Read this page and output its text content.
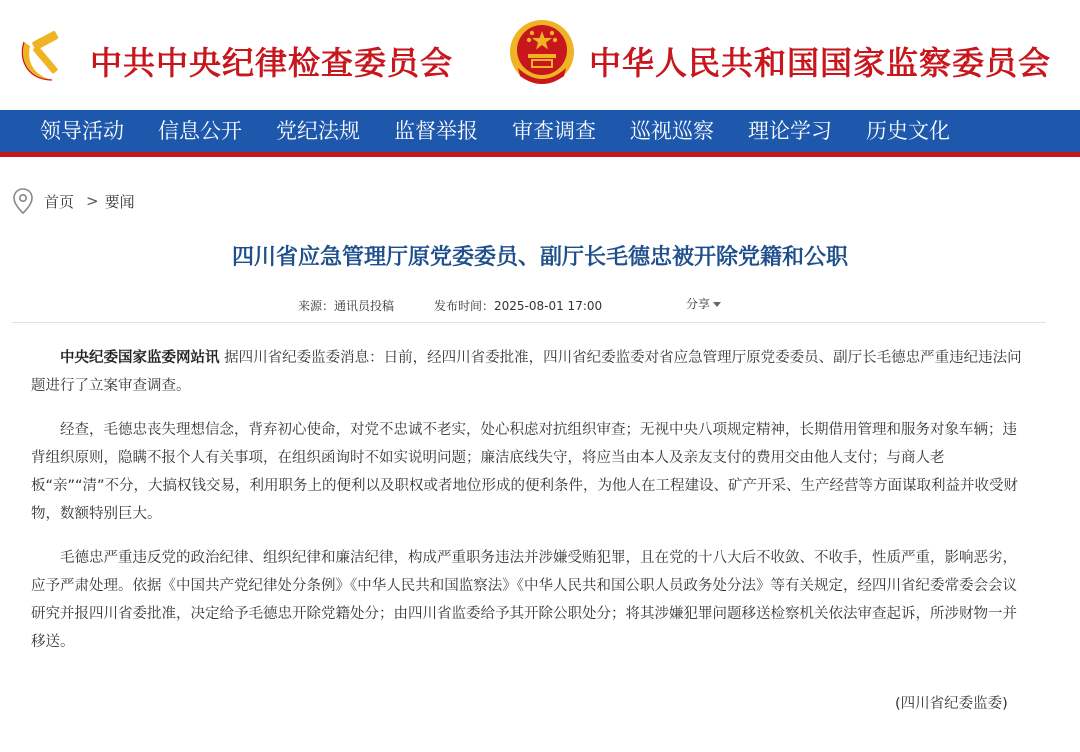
中共中央纪律检查委员会	中华人民共和国国家监察委员会
领导活动 信息公开 党纪法规 监督举报 审查调查 巡视巡察 理论学习 历史文化
首页 > 要闻
四川省应急管理厅原党委委员、副厅长毛德忠被开除党籍和公职
来源：通讯员投稿	发布时间：2025-08-01 17:00	分享

中央纪委国家监委网站讯 据四川省纪委监委消息：日前，经四川省委批准，四川省纪委监委对省应急管理厅原党委委员、副厅长毛德忠严重违纪违法问题进行了立案审查调查。

经查，毛德忠丧失理想信念，背弃初心使命，对党不忠诚不老实，处心积虑对抗组织审查；无视中央八项规定精神，长期借用管理和服务对象车辆；违背组织原则，隐瞒不报个人有关事项，在组织函询时不如实说明问题；廉洁底线失守，将应当由本人及亲友支付的费用交由他人支付；与商人老板“亲”“清”不分，大搞权钱交易，利用职务上的便利以及职权或者地位形成的便利条件，为他人在工程建设、矿产开采、生产经营等方面谋取利益并收受财物，数额特别巨大。

毛德忠严重违反党的政治纪律、组织纪律和廉洁纪律，构成严重职务违法并涉嫌受贿犯罪，且在党的十八大后不收敛、不收手，性质严重，影响恶劣，应予严肃处理。依据《中国共产党纪律处分条例》《中华人民共和国监察法》《中华人民共和国公职人员政务处分法》等有关规定，经四川省纪委常委会会议研究并报四川省委批准，决定给予毛德忠开除党籍处分；由四川省监委给予其开除公职处分；将其涉嫌犯罪问题移送检察机关依法审查起诉，所涉财物一并移送。

(四川省纪委监委)
